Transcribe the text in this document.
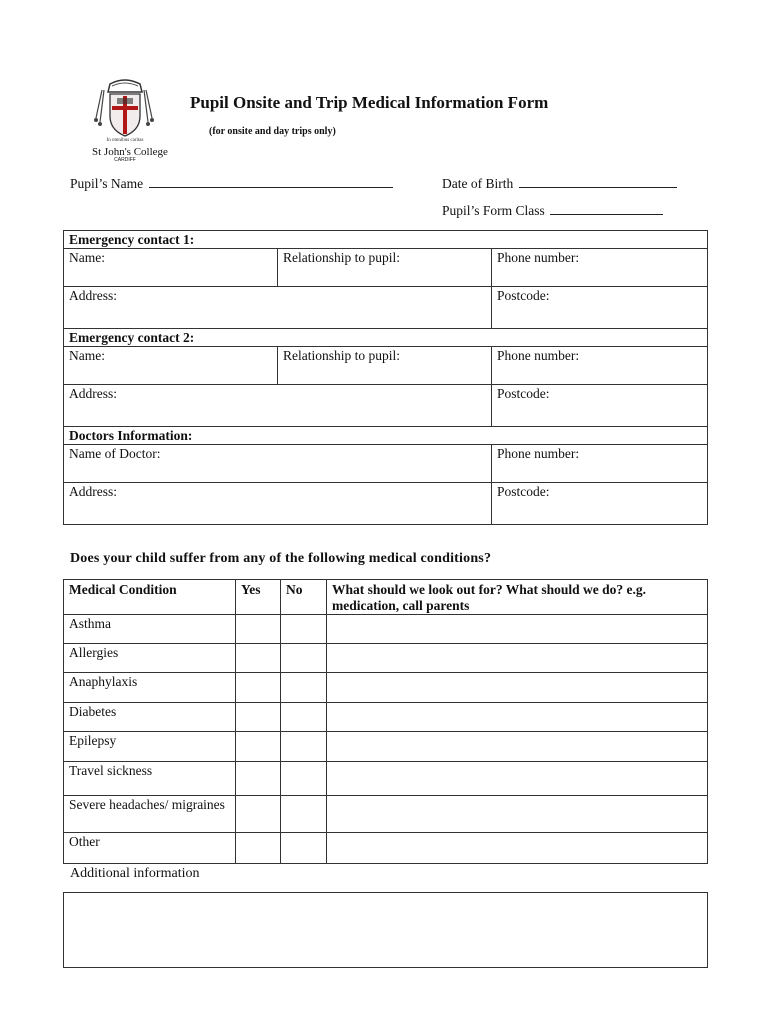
In omnibus caritas
St John's College
CARDIFF
Pupil Onsite and Trip Medical Information Form
(for onsite and day trips only)
Pupil’s Name	Date of Birth
Pupil’s Form Class
Emergency contact 1:		
Name:	Relationship to pupil:	Phone number:
Address:		Postcode:
Emergency contact 2:		
Name:	Relationship to pupil:	Phone number:
Address:		Postcode:
Doctors Information:		
Name of Doctor:		Phone number:
Address:		Postcode:
Does your child suffer from any of the following medical conditions?
Medical Condition	Yes	No	What should we look out for? What should we do? e.g. medication, call parents
Asthma			
Allergies			
Anaphylaxis			
Diabetes			
Epilepsy			
Travel sickness			
Severe headaches/ migraines			
Other			
Additional information
